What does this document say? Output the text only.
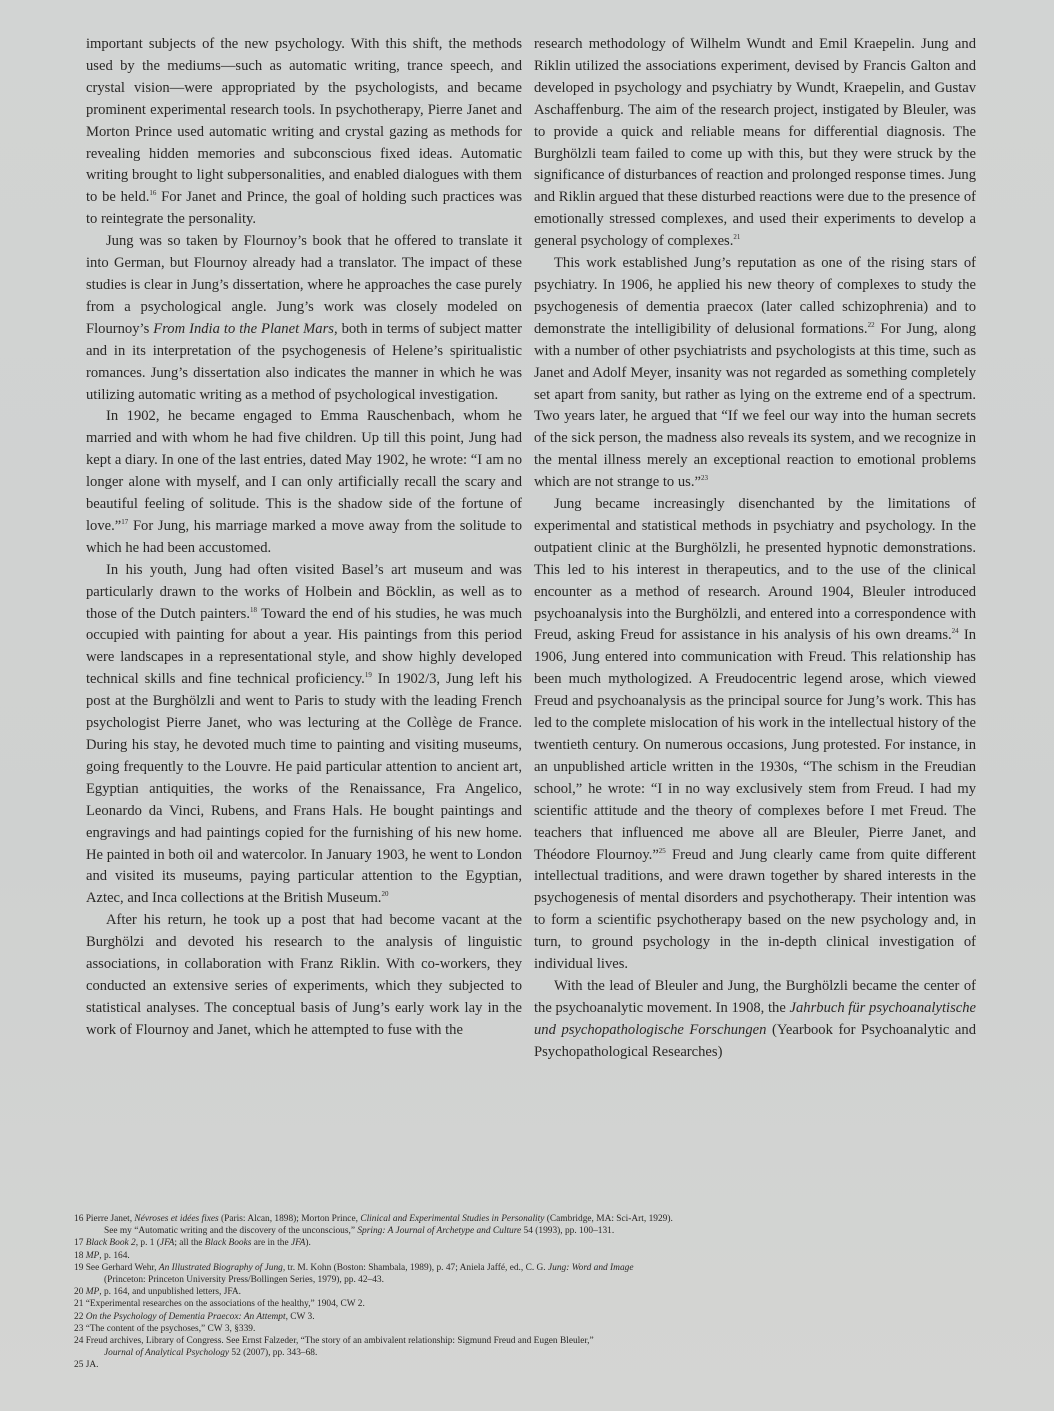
important subjects of the new psychology. With this shift, the methods used by the mediums—such as automatic writing, trance speech, and crystal vision—were appropriated by the psychologists, and became prominent experimental research tools. In psychotherapy, Pierre Janet and Morton Prince used automatic writing and crystal gazing as methods for revealing hidden memories and subconscious fixed ideas. Automatic writing brought to light subpersonalities, and enabled dialogues with them to be held.$^{16}$ For Janet and Prince, the goal of holding such practices was to reintegrate the personality.

Jung was so taken by Flournoy’s book that he offered to translate it into German, but Flournoy already had a translator. The impact of these studies is clear in Jung’s dissertation, where he approaches the case purely from a psychological angle. Jung’s work was closely modeled on Flournoy’s From India to the Planet Mars, both in terms of subject matter and in its interpretation of the psychogenesis of Helene’s spiritualistic romances. Jung’s dissertation also indicates the manner in which he was utilizing automatic writing as a method of psychological investigation.

In 1902, he became engaged to Emma Rauschenbach, whom he married and with whom he had five children. Up till this point, Jung had kept a diary. In one of the last entries, dated May 1902, he wrote: “I am no longer alone with myself, and I can only artificially recall the scary and beautiful feeling of solitude. This is the shadow side of the fortune of love.”$^{17}$ For Jung, his marriage marked a move away from the solitude to which he had been accustomed.

In his youth, Jung had often visited Basel’s art museum and was particularly drawn to the works of Holbein and Böcklin, as well as to those of the Dutch painters.$^{18}$ Toward the end of his studies, he was much occupied with painting for about a year. His paintings from this period were landscapes in a representational style, and show highly developed technical skills and fine technical proficiency.$^{19}$ In 1902/3, Jung left his post at the Burghölzli and went to Paris to study with the leading French psychologist Pierre Janet, who was lecturing at the Collège de France. During his stay, he devoted much time to painting and visiting museums, going frequently to the Louvre. He paid particular attention to ancient art, Egyptian antiquities, the works of the Renaissance, Fra Angelico, Leonardo da Vinci, Rubens, and Frans Hals. He bought paintings and engravings and had paintings copied for the furnishing of his new home. He painted in both oil and watercolor. In January 1903, he went to London and visited its museums, paying particular attention to the Egyptian, Aztec, and Inca collections at the British Museum.$^{20}$

After his return, he took up a post that had become vacant at the Burghölzi and devoted his research to the analysis of linguistic associations, in collaboration with Franz Riklin. With co-workers, they conducted an extensive series of experiments, which they subjected to statistical analyses. The conceptual basis of Jung’s early work lay in the work of Flournoy and Janet, which he attempted to fuse with the

research methodology of Wilhelm Wundt and Emil Kraepelin. Jung and Riklin utilized the associations experiment, devised by Francis Galton and developed in psychology and psychiatry by Wundt, Kraepelin, and Gustav Aschaffenburg. The aim of the research project, instigated by Bleuler, was to provide a quick and reliable means for differential diagnosis. The Burghölzli team failed to come up with this, but they were struck by the significance of disturbances of reaction and prolonged response times. Jung and Riklin argued that these disturbed reactions were due to the presence of emotionally stressed complexes, and used their experiments to develop a general psychology of complexes.$^{21}$

This work established Jung’s reputation as one of the rising stars of psychiatry. In 1906, he applied his new theory of complexes to study the psychogenesis of dementia praecox (later called schizophrenia) and to demonstrate the intelligibility of delusional formations.$^{22}$ For Jung, along with a number of other psychiatrists and psychologists at this time, such as Janet and Adolf Meyer, insanity was not regarded as something completely set apart from sanity, but rather as lying on the extreme end of a spectrum. Two years later, he argued that “If we feel our way into the human secrets of the sick person, the madness also reveals its system, and we recognize in the mental illness merely an exceptional reaction to emotional problems which are not strange to us.”$^{23}$

Jung became increasingly disenchanted by the limitations of experimental and statistical methods in psychiatry and psychology. In the outpatient clinic at the Burghölzli, he presented hypnotic demonstrations. This led to his interest in therapeutics, and to the use of the clinical encounter as a method of research. Around 1904, Bleuler introduced psychoanalysis into the Burghölzli, and entered into a correspondence with Freud, asking Freud for assistance in his analysis of his own dreams.$^{24}$ In 1906, Jung entered into communication with Freud. This relationship has been much mythologized. A Freudocentric legend arose, which viewed Freud and psychoanalysis as the principal source for Jung’s work. This has led to the complete mislocation of his work in the intellectual history of the twentieth century. On numerous occasions, Jung protested. For instance, in an unpublished article written in the 1930s, “The schism in the Freudian school,” he wrote: “I in no way exclusively stem from Freud. I had my scientific attitude and the theory of complexes before I met Freud. The teachers that influenced me above all are Bleuler, Pierre Janet, and Théodore Flournoy.”$^{25}$ Freud and Jung clearly came from quite different intellectual traditions, and were drawn together by shared interests in the psychogenesis of mental disorders and psychotherapy. Their intention was to form a scientific psychotherapy based on the new psychology and, in turn, to ground psychology in the in-depth clinical investigation of individual lives.

With the lead of Bleuler and Jung, the Burghölzli became the center of the psychoanalytic movement. In 1908, the Jahrbuch für psychoanalytische und psychopathologische Forschungen (Yearbook for Psychoanalytic and Psychopathological Researches)

16 Pierre Janet, Névroses et idées fixes (Paris: Alcan, 1898); Morton Prince, Clinical and Experimental Studies in Personality (Cambridge, MA: Sci-Art, 1929).
See my “Automatic writing and the discovery of the unconscious,” Spring: A Journal of Archetype and Culture 54 (1993), pp. 100–131.
17 Black Book 2, p. 1 (JFA; all the Black Books are in the JFA).
18 MP, p. 164.
19 See Gerhard Wehr, An Illustrated Biography of Jung, tr. M. Kohn (Boston: Shambala, 1989), p. 47; Aniela Jaffé, ed., C. G. Jung: Word and Image
(Princeton: Princeton University Press/Bollingen Series, 1979), pp. 42–43.
20 MP, p. 164, and unpublished letters, JFA.
21 “Experimental researches on the associations of the healthy,” 1904, CW 2.
22 On the Psychology of Dementia Praecox: An Attempt, CW 3.
23 “The content of the psychoses,” CW 3, §339.
24 Freud archives, Library of Congress. See Ernst Falzeder, “The story of an ambivalent relationship: Sigmund Freud and Eugen Bleuler,”
Journal of Analytical Psychology 52 (2007), pp. 343–68.
25 JA.
